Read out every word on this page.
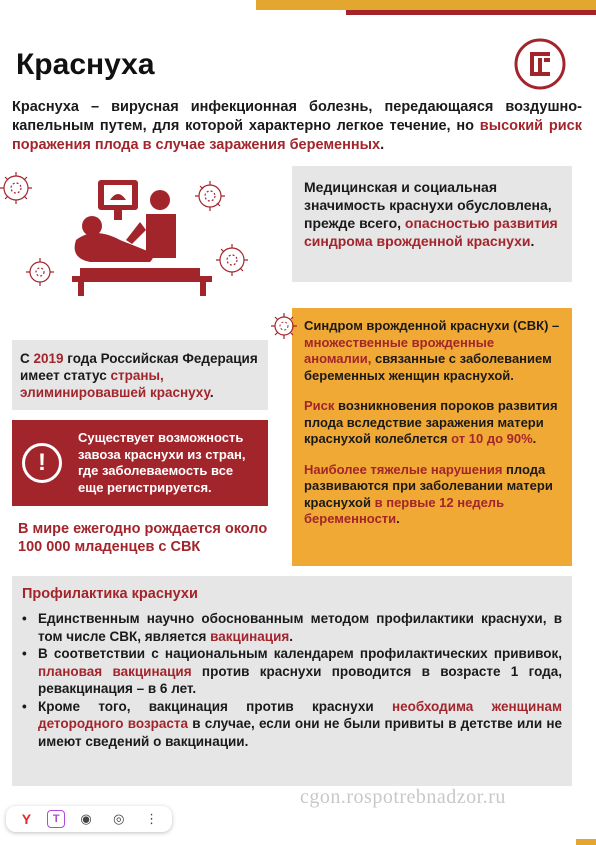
Краснуха

Краснуха – вирусная инфекционная болезнь, передающаяся воздушно-капельным путем, для которой характерно легкое течение, но высокий риск поражения плода в случае заражения беременных.

Медицинская и социальная значимость краснухи обусловлена, прежде всего, опасностью развития синдрома врожденной краснухи.
С 2019 года Российская Федерация имеет статус страны, элиминировавшей краснуху.

Синдром врожденной краснухи (СВК) – множественные врожденные аномалии, связанные с заболеванием беременных женщин краснухой.

Риск возникновения пороков развития плода вследствие заражения матери краснухой колеблется от 10 до 90%.

Наиболее тяжелые нарушения плода развиваются при заболевании матери краснухой в первые 12 недель беременности.

!
Существует возможность завоза краснухи из стран, где заболеваемость все еще регистрируется.
В мире ежегодно рождается около 100 000 младенцев с СВК
Профилактика краснухи
• Единственным научно обоснованным методом профилактики краснухи, в том числе СВК, является вакцинация.
• В соответствии с национальным календарем профилактических прививок, плановая вакцинация против краснухи проводится в возрасте 1 года, ревакцинация – в 6 лет.
• Кроме того, вакцинация против краснухи необходима женщинам детородного возраста в случае, если они не были привиты в детстве или не имеют сведений о вакцинации.
cgon.rospotrebnadzor.ru
Y	T	◉	◎	⋮
